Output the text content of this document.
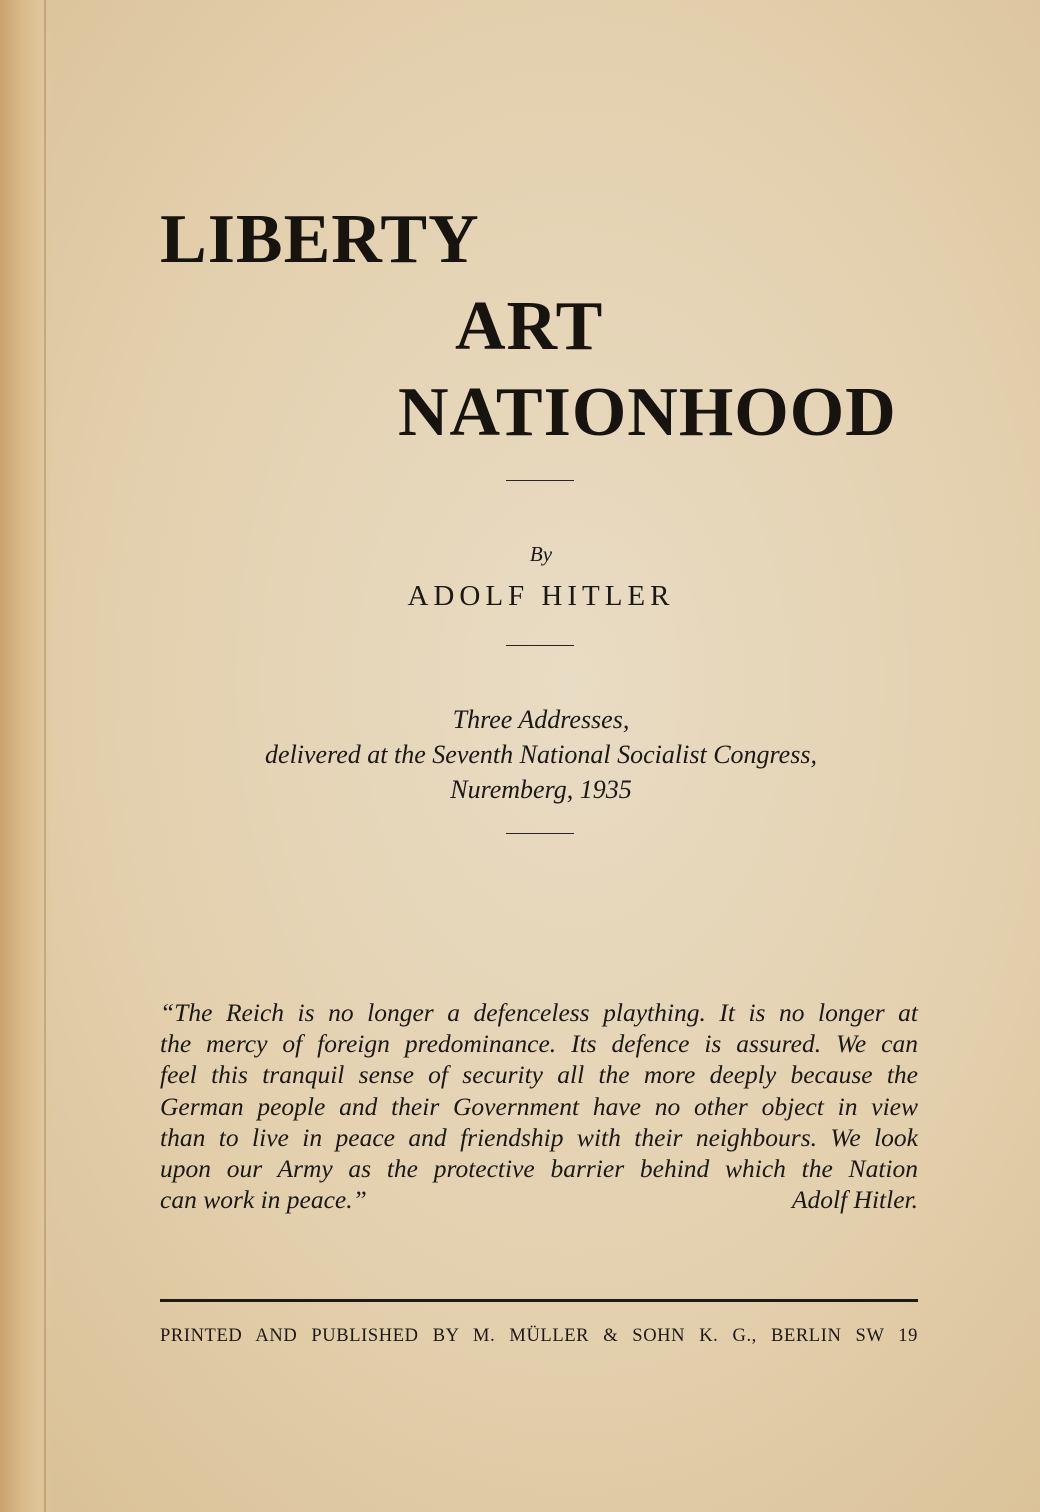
LIBERTY
ART
NATIONHOOD
By
ADOLF HITLER
Three Addresses,
delivered at the Seventh National Socialist Congress,
Nuremberg, 1935
“The Reich is no longer a defenceless plaything. It is no longer at
the mercy of foreign predominance. Its defence is assured. We can
feel this tranquil sense of security all the more deeply because the
German people and their Government have no other object in view
than to live in peace and friendship with their neighbours. We look
upon our Army as the protective barrier behind which the Nation
can work in peace.”	Adolf Hitler.
PRINTED AND PUBLISHED BY M. MÜLLER & SOHN K. G., BERLIN SW 19
